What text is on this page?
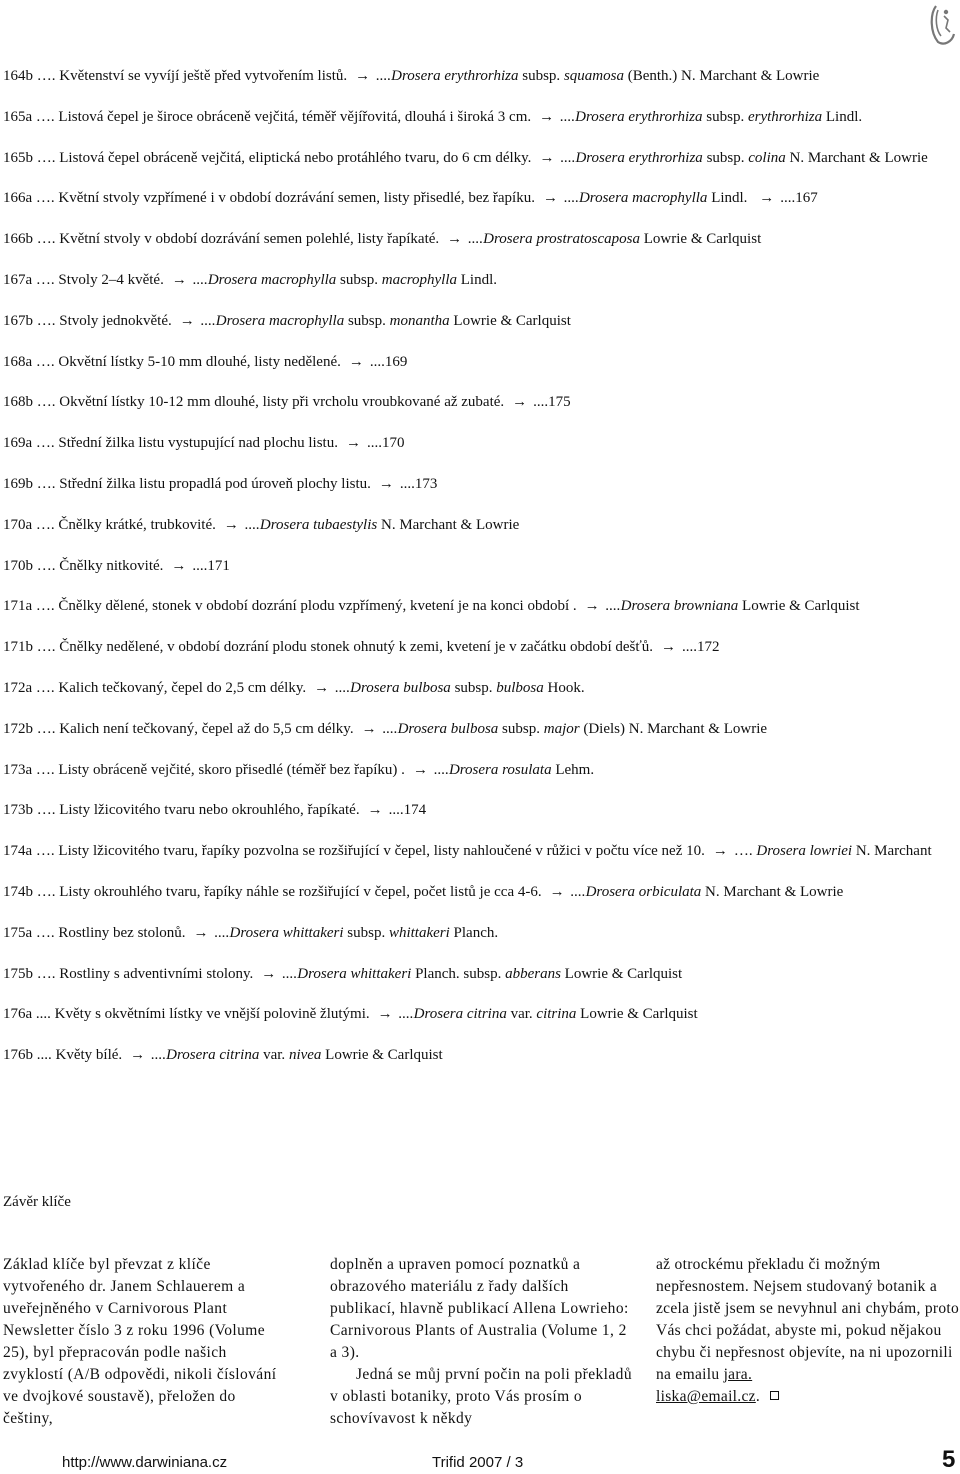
164b …. Květenství se vyvíjí ještě před vytvořením listů. → ....Drosera erythrorhiza subsp. squamosa (Benth.) N. Marchant & Lowrie

165a …. Listová čepel je široce obráceně vejčitá, téměř vějířovitá, dlouhá i široká 3 cm. → ....Drosera erythrorhiza subsp. erythrorhiza Lindl.

165b …. Listová čepel obráceně vejčitá, eliptická nebo protáhlého tvaru, do 6 cm délky. → ....Drosera erythrorhiza subsp. colina N. Marchant & Lowrie

166a …. Květní stvoly vzpřímené i v období dozrávání semen, listy přisedlé, bez řapíku. → ....Drosera macrophylla Lindl. → ....167

166b …. Květní stvoly v období dozrávání semen polehlé, listy řapíkaté. → ....Drosera prostratoscaposa Lowrie & Carlquist

167a …. Stvoly 2–4 květé. → ....Drosera macrophylla subsp. macrophylla Lindl.

167b …. Stvoly jednokvěté. → ....Drosera macrophylla subsp. monantha Lowrie & Carlquist

168a …. Okvětní lístky 5-10 mm dlouhé, listy nedělené. → ....169

168b …. Okvětní lístky 10-12 mm dlouhé, listy při vrcholu vroubkované až zubaté. → ....175

169a …. Střední žilka listu vystupující nad plochu listu. → ....170

169b …. Střední žilka listu propadlá pod úroveň plochy listu. → ....173

170a …. Čnělky krátké, trubkovité. → ....Drosera tubaestylis N. Marchant & Lowrie

170b …. Čnělky nitkovité. → ....171

171a …. Čnělky dělené, stonek v období dozrání plodu vzpřímený, kvetení je na konci období . → ....Drosera browniana Lowrie & Carlquist

171b …. Čnělky nedělené, v období dozrání plodu stonek ohnutý k zemi, kvetení je v začátku období dešťů. → ....172

172a …. Kalich tečkovaný, čepel do 2,5 cm délky. → ....Drosera bulbosa subsp. bulbosa Hook.

172b …. Kalich není tečkovaný, čepel až do 5,5 cm délky. → ....Drosera bulbosa subsp. major (Diels) N. Marchant & Lowrie

173a …. Listy obráceně vejčité, skoro přisedlé (téměř bez řapíku) . → ....Drosera rosulata Lehm.

173b …. Listy lžicovitého tvaru nebo okrouhlého, řapíkaté. → ....174

174a …. Listy lžicovitého tvaru, řapíky pozvolna se rozšiřující v čepel, listy nahloučené v růžici v počtu více než 10. → …. Drosera lowriei N. Marchant

174b …. Listy okrouhlého tvaru, řapíky náhle se rozšiřující v čepel, počet listů je cca 4-6. → ....Drosera orbiculata N. Marchant & Lowrie

175a …. Rostliny bez stolonů. → ....Drosera whittakeri subsp. whittakeri Planch.

175b …. Rostliny s adventivními stolony. → ....Drosera whittakeri Planch. subsp. abberans Lowrie & Carlquist

176a .... Květy s okvětními lístky ve vnější polovině žlutými. → ....Drosera citrina var. citrina Lowrie & Carlquist

176b .... Květy bílé. → ....Drosera citrina var. nivea Lowrie & Carlquist

Závěr klíče

Základ klíče byl převzat z klíče vytvořeného dr. Janem Schlauerem a uveřejněného v Carnivorous Plant Newsletter číslo 3 z roku 1996 (Volume 25), byl přepracován podle našich zvyklostí (A/B odpovědi, nikoli číslování ve dvojkové soustavě), přeložen do češtiny,

doplněn a upraven pomocí poznatků a obrazového materiálu z řady dalších publikací, hlavně publikací Allena Lowrieho: Carnivorous Plants of Australia (Volume 1, 2 a 3).

Jedná se můj první počin na poli překladů v oblasti botaniky, proto Vás prosím o schovívavost k někdy

až otrockému překladu či možným nepřesnostem. Nejsem studovaný botanik a zcela jistě jsem se nevyhnul ani chybám, proto Vás chci požádat, abyste mi, pokud nějakou chybu či nepřesnost objevíte, na ni upozornili na emailu jara.
liska@email.cz.

http://www.darwiniana.cz	Trifid 2007 / 3	5
